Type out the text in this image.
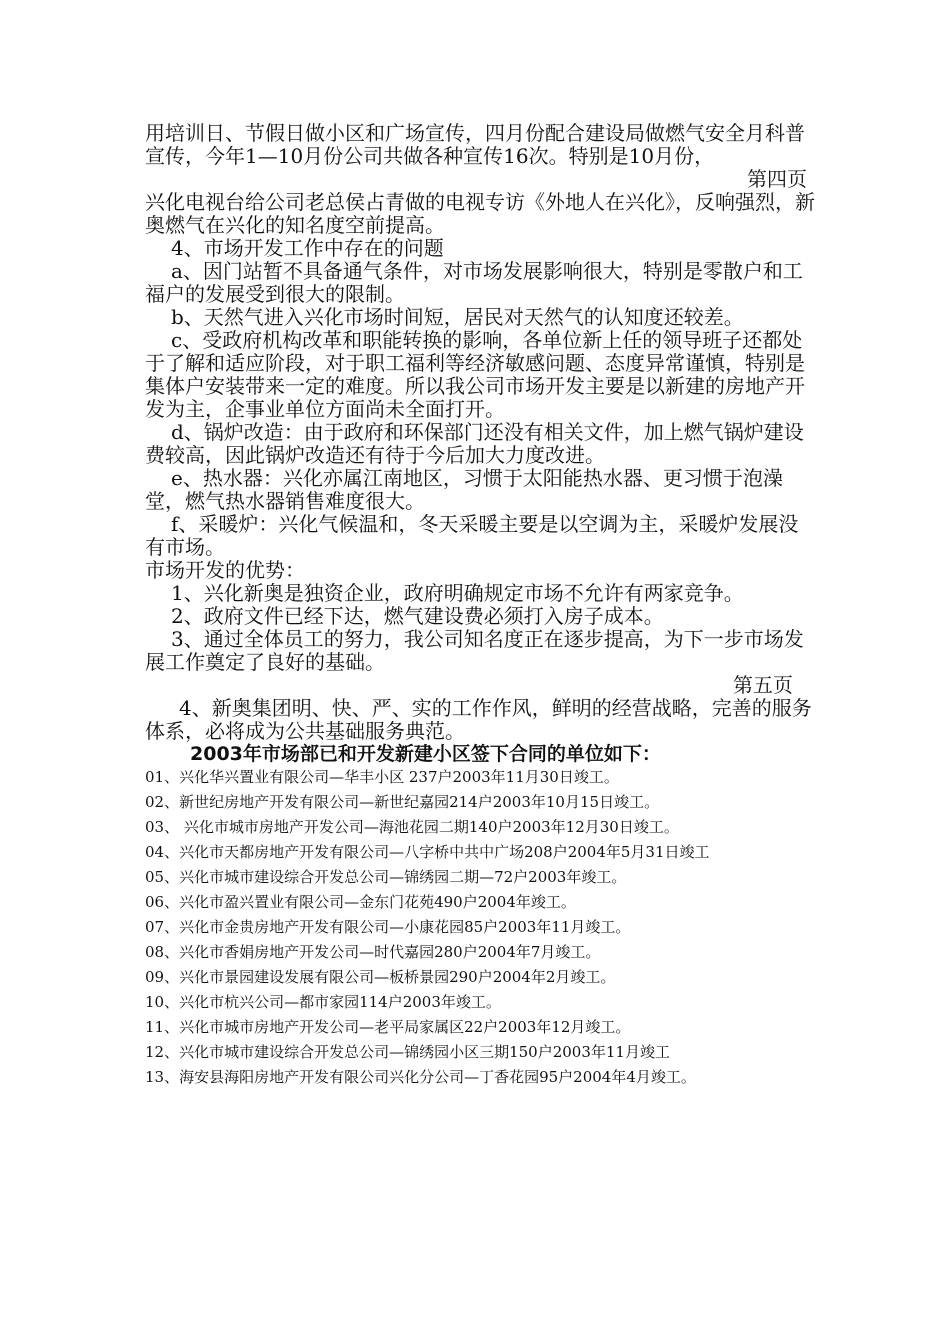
用培训日、节假日做小区和广场宣传，四月份配合建设局做燃气安全月科普宣传，今年1—10月份公司共做各种宣传16次。特别是10月份，

第四页

兴化电视台给公司老总侯占青做的电视专访《外地人在兴化》，反响强烈，新奥燃气在兴化的知名度空前提高。

4、市场开发工作中存在的问题

a、因门站暂不具备通气条件，对市场发展影响很大，特别是零散户和工福户的发展受到很大的限制。

b、天然气进入兴化市场时间短，居民对天然气的认知度还较差。

c、受政府机构改革和职能转换的影响，各单位新上任的领导班子还都处于了解和适应阶段，对于职工福利等经济敏感问题、态度异常谨慎，特别是集体户安装带来一定的难度。所以我公司市场开发主要是以新建的房地产开发为主，企事业单位方面尚未全面打开。

d、锅炉改造：由于政府和环保部门还没有相关文件，加上燃气锅炉建设费较高，因此锅炉改造还有待于今后加大力度改进。

e、热水器：兴化亦属江南地区，习惯于太阳能热水器、更习惯于泡澡堂，燃气热水器销售难度很大。

f、采暖炉：兴化气候温和，冬天采暖主要是以空调为主，采暖炉发展没有市场。

市场开发的优势：

1、兴化新奥是独资企业，政府明确规定市场不允许有两家竞争。

2、政府文件已经下达，燃气建设费必须打入房子成本。

3、通过全体员工的努力，我公司知名度正在逐步提高，为下一步市场发展工作奠定了良好的基础。

第五页

4、新奥集团明、快、严、实的工作作风，鲜明的经营战略，完善的服务体系，必将成为公共基础服务典范。

2003年市场部已和开发新建小区签下合同的单位如下：

01、兴化华兴置业有限公司—华丰小区 237户2003年11月30日竣工。

02、新世纪房地产开发有限公司—新世纪嘉园214户2003年10月15日竣工。

03、 兴化市城市房地产开发公司—海池花园二期140户2003年12月30日竣工。

04、兴化市天都房地产开发有限公司—八字桥中共中广场208户2004年5月31日竣工

05、兴化市城市建设综合开发总公司—锦绣园二期—72户2003年竣工。

06、兴化市盈兴置业有限公司—金东门花苑490户2004年竣工。

07、兴化市金贵房地产开发有限公司—小康花园85户2003年11月竣工。

08、兴化市香娟房地产开发公司—时代嘉园280户2004年7月竣工。

09、兴化市景园建设发展有限公司—板桥景园290户2004年2月竣工。

10、兴化市杭兴公司—都市家园114户2003年竣工。

11、兴化市城市房地产开发公司—老平局家属区22户2003年12月竣工。

12、兴化市城市建设综合开发总公司—锦绣园小区三期150户2003年11月竣工

13、海安县海阳房地产开发有限公司兴化分公司—丁香花园95户2004年4月竣工。
